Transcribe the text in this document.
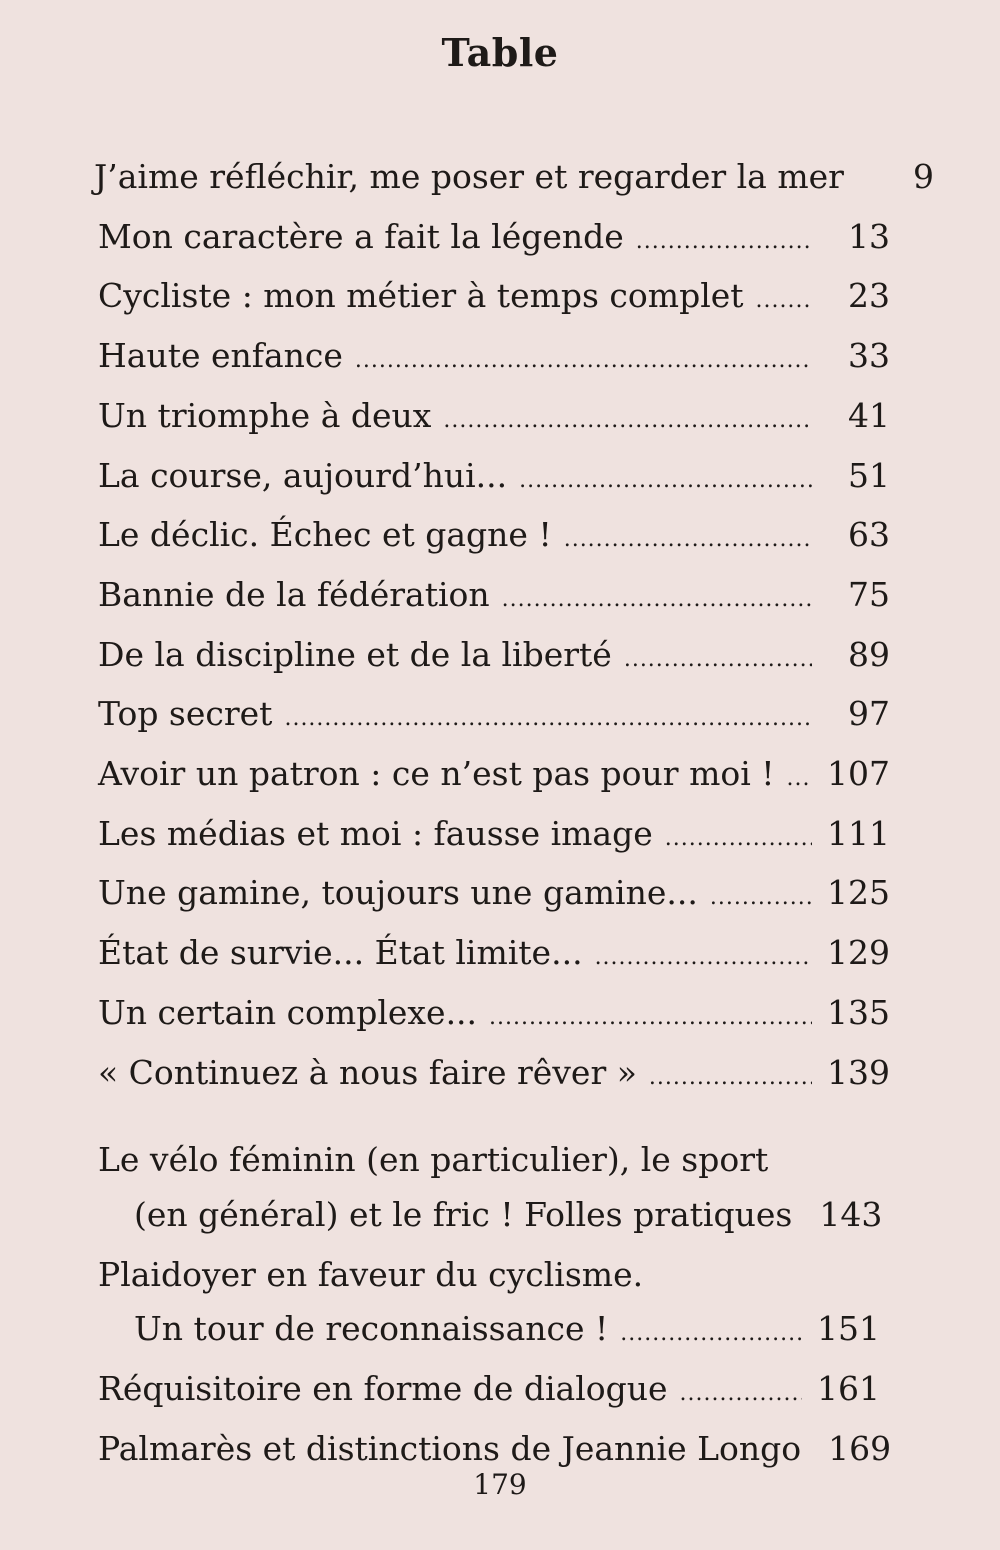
Table
J’aime réfléchir, me poser et regarder la mer	9
Mon caractère a fait la légende .....	13
Cycliste : mon métier à temps complet .....	23
Haute enfance .....	33
Un triomphe à deux .....	41
La course, aujourd’hui... .....	51
Le déclic. Échec et gagne ! .....	63
Bannie de la fédération .....	75
De la discipline et de la liberté .....	89
Top secret .....	97
Avoir un patron : ce n’est pas pour moi ! .....	107
Les médias et moi : fausse image .....	111
Une gamine, toujours une gamine... .....	125
État de survie... État limite... .....	129
Un certain complexe... .....	135
« Continuez à nous faire rêver » .....	139
Le vélo féminin (en particulier), le sport
(en général) et le fric ! Folles pratiques 143
Plaidoyer en faveur du cyclisme.
Un tour de reconnaissance ! .....	151
Réquisitoire en forme de dialogue .....	161
Palmarès et distinctions de Jeannie Longo 169
179
